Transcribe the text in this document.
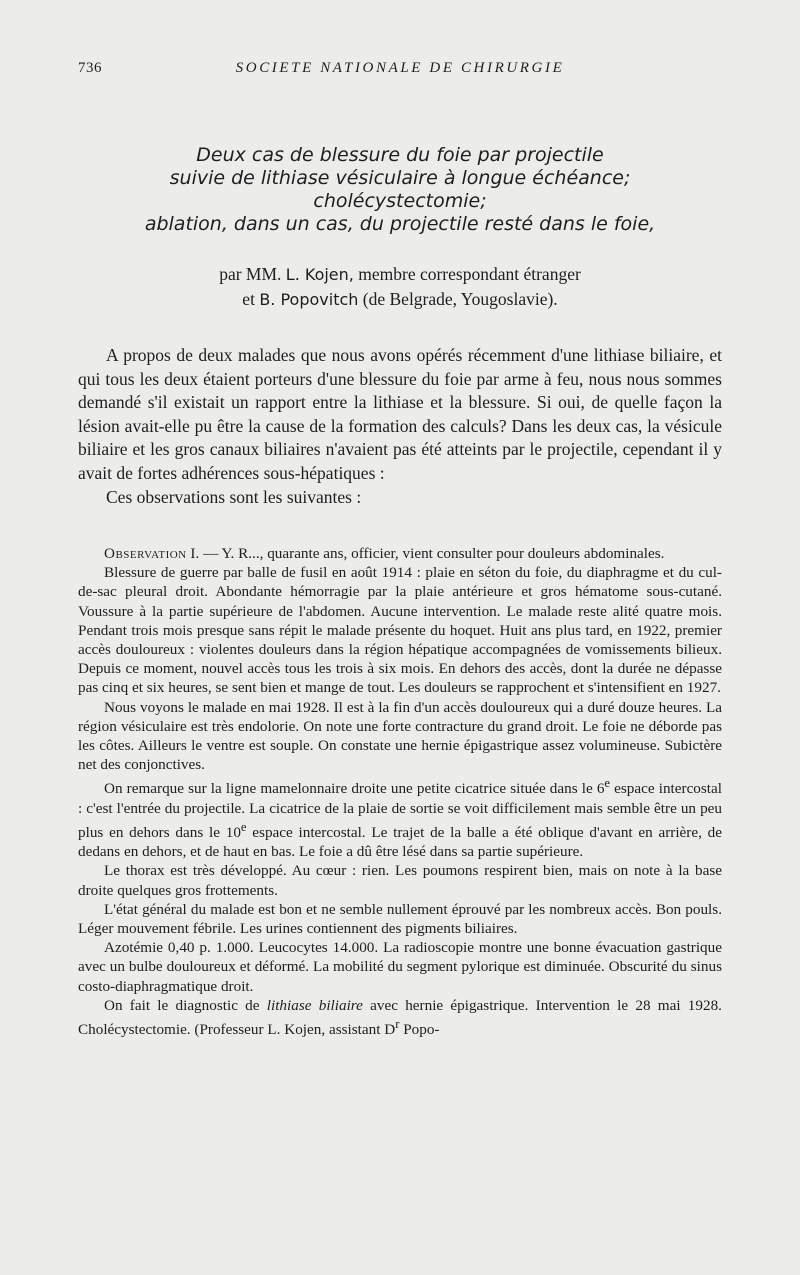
736	SOCIETE NATIONALE DE CHIRURGIE
Deux cas de blessure du foie par projectile
suivie de lithiase vésiculaire à longue échéance;
cholécystectomie;
ablation, dans un cas, du projectile resté dans le foie,
par MM. L. Kojen, membre correspondant étranger
et B. Popovitch (de Belgrade, Yougoslavie).

A propos de deux malades que nous avons opérés récemment d'une lithiase biliaire, et qui tous les deux étaient porteurs d'une blessure du foie par arme à feu, nous nous sommes demandé s'il existait un rapport entre la lithiase et la blessure. Si oui, de quelle façon la lésion avait-elle pu être la cause de la formation des calculs? Dans les deux cas, la vésicule biliaire et les gros canaux biliaires n'avaient pas été atteints par le projectile, cependant il y avait de fortes adhérences sous-hépatiques :

Ces observations sont les suivantes :

Observation I. — Y. R..., quarante ans, officier, vient consulter pour douleurs abdominales.

Blessure de guerre par balle de fusil en août 1914 : plaie en séton du foie, du diaphragme et du cul-de-sac pleural droit. Abondante hémorragie par la plaie antérieure et gros hématome sous-cutané. Voussure à la partie supérieure de l'abdomen. Aucune intervention. Le malade reste alité quatre mois. Pendant trois mois presque sans répit le malade présente du hoquet. Huit ans plus tard, en 1922, premier accès douloureux : violentes douleurs dans la région hépatique accompagnées de vomissements bilieux. Depuis ce moment, nouvel accès tous les trois à six mois. En dehors des accès, dont la durée ne dépasse pas cinq et six heures, se sent bien et mange de tout. Les douleurs se rapprochent et s'intensifient en 1927.

Nous voyons le malade en mai 1928. Il est à la fin d'un accès douloureux qui a duré douze heures. La région vésiculaire est très endolorie. On note une forte contracture du grand droit. Le foie ne déborde pas les côtes. Ailleurs le ventre est souple. On constate une hernie épigastrique assez volumineuse. Subictère net des conjonctives.

On remarque sur la ligne mamelonnaire droite une petite cicatrice située dans le 6e espace intercostal : c'est l'entrée du projectile. La cicatrice de la plaie de sortie se voit difficilement mais semble être un peu plus en dehors dans le 10e espace intercostal. Le trajet de la balle a été oblique d'avant en arrière, de dedans en dehors, et de haut en bas. Le foie a dû être lésé dans sa partie supérieure.

Le thorax est très développé. Au cœur : rien. Les poumons respirent bien, mais on note à la base droite quelques gros frottements.

L'état général du malade est bon et ne semble nullement éprouvé par les nombreux accès. Bon pouls. Léger mouvement fébrile. Les urines contiennent des pigments biliaires.

Azotémie 0,40 p. 1.000. Leucocytes 14.000. La radioscopie montre une bonne évacuation gastrique avec un bulbe douloureux et déformé. La mobilité du segment pylorique est diminuée. Obscurité du sinus costo-diaphragmatique droit.

On fait le diagnostic de lithiase biliaire avec hernie épigastrique. Intervention le 28 mai 1928. Cholécystectomie. (Professeur L. Kojen, assistant $D^r$ Popo-
